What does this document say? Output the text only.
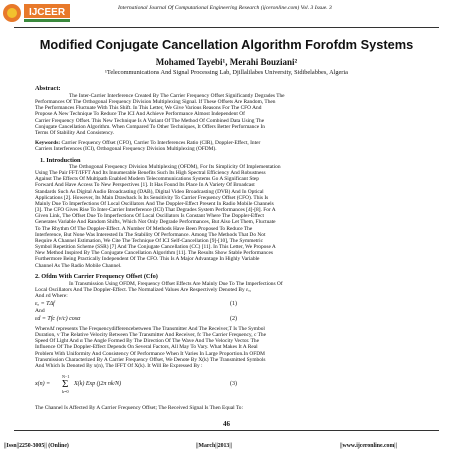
IJCEER	International Journal Of Computational Engineering Research (ijceronline.com) Vol. 3 Issue. 3
Modified Conjugate Cancellation Algorithm Forofdm Systems
Mohamed Tayebi¹, Merahi Bouziani²
¹Telecommunications And Signal Processing Lab, Djillalilabes University, Sidibelabbes, Algeria
Abstract:
The Inter-Carrier Interference Created By The Carrier Frequency Offset Significantly Degrades The
Performances Of The Orthogonal Frequency Division Multiplexing Signal. If These Offsets Are Random, Then
The Performances Fluctuate With This Shift. In This Letter, We Give Various Reasons For The CFO And
Propose A New Technique To Reduce The ICI And Achieve Performance Almost Independent Of
Carrier Frequency Offset. This New Technique Is A Variant Of The Method Of Combined Data Using The
Conjugate Cancellation Algorithm. When Compared To Other Techniques, It Offers Better Performance In
Terms Of Stability And Consistency.
Keywords: Carrier Frequency Offset (CFO), Carrier To Interferences Ratio (CIR), Doppler-Effect, Inter
Carriers Interferences (ICI), Orthogonal Frequency Division Multiplexing (OFDM).
1. Introduction
The Orthogonal Frequency Division Multiplexing (OFDM), For Its Simplicity Of Implementation
Using The Pair FFT/IFFT And Its Innumerable Benefits Such Its High Spectral Efficiency And Robustness
Against The Effects Of Multipath Enabled Modern Telecommunications Systems Go A Significant Step
Forward And Have Access To New Perspectives [1]. It Has Found Its Place In A Variety Of Broadcast
Standards Such As Digital Audio Broadcasting (DAB), Digital Video Broadcasting (DVB) And In Optical
Applications [2]. However, Its Main Drawback Is Its Sensitivity To Carrier Frequency Offset (CFO). This Is
Mainly Due To Imperfections Of Local Oscillators And The Doppler-Effect Present In Radio Mobile Channels
[3]. The CFO Gives Rise To Inter-Carrier Interference (ICI) That Degrades System Performances [4]-[8]. For A
Given Link, The Offset Due To Imperfections Of Local Oscillators Is Constant Where The Doppler-Effect
Generates Variable And Random Shifts, Which Not Only Degrade Performances, But Also Let Them, Fluctuate
To The Rhythm Of The Doppler-Effect. A Number Of Methods Have Been Proposed To Reduce The
Interference, But None Was Interested In The Stability Of Performance. Among The Methods That Do Not
Require A Channel Estimation, We Cite The Technique Of ICI Self-Cancellation [9]-[10], The Symmetric
Symbol Repetition Scheme (SSR) [7] And The Conjugate Cancellation (CC) [11]. In This Letter, We Propose A
New Method Inspired By The Conjugate Cancellation Algorithm [11]. The Results Show Stable Performances
Furthermore Being Practically Independent Of The CFO. This Is A Major Advantage In Highly Variable
Channel As The Radio Mobile Channel.
2. Ofdm With Carrier Frequency Offset (Cfo)
In Transmission Using OFDM, Frequency Offset Effects Are Mainly Due To The Imperfections Of
Local Oscillators And The Doppler-Effect. The Normalized Values Are Respectively Denoted By εₒ,
And εd Where:
εₒ = TΔf	(1)
And
εd = Tfc (v/c) cosα	(2)
WhereΔf represents The Frequencydifferencebetween The Transmitter And The Receiver,T Is The Symbol
Duration, v The Relative Velocity Between The Transmitter And Receiver, fc The Carrier Frequency, c The
Speed Of Light And α The Angle Formed By The Direction Of The Wave And The Velocity Vector. The
Influence Of The Doppler-Effect Depends On Several Factors, All May To Vary. What Makes It A Real
Problem With Uniformity And Consistency Of Performance When It Varies In Large Proportion.In OFDM
Transmission Characterized By A Carrier Frequency Offset, We Denote By X(k) The Transmitted Symbols
And Which Is Denoted By x(n), The IFFT Of X(k). It Will Be Expressed By :
x(n) =
N−1
Σ
k=0
X(k) Exp (j2π nk/N)	(3)
The Channel Is Affected By A Carrier Frequency Offset; The Received Signal Is Then Equal To:
46
||Issn||2250-3005|| (Online)	||March||2013||	||www.ijceronline.com||
